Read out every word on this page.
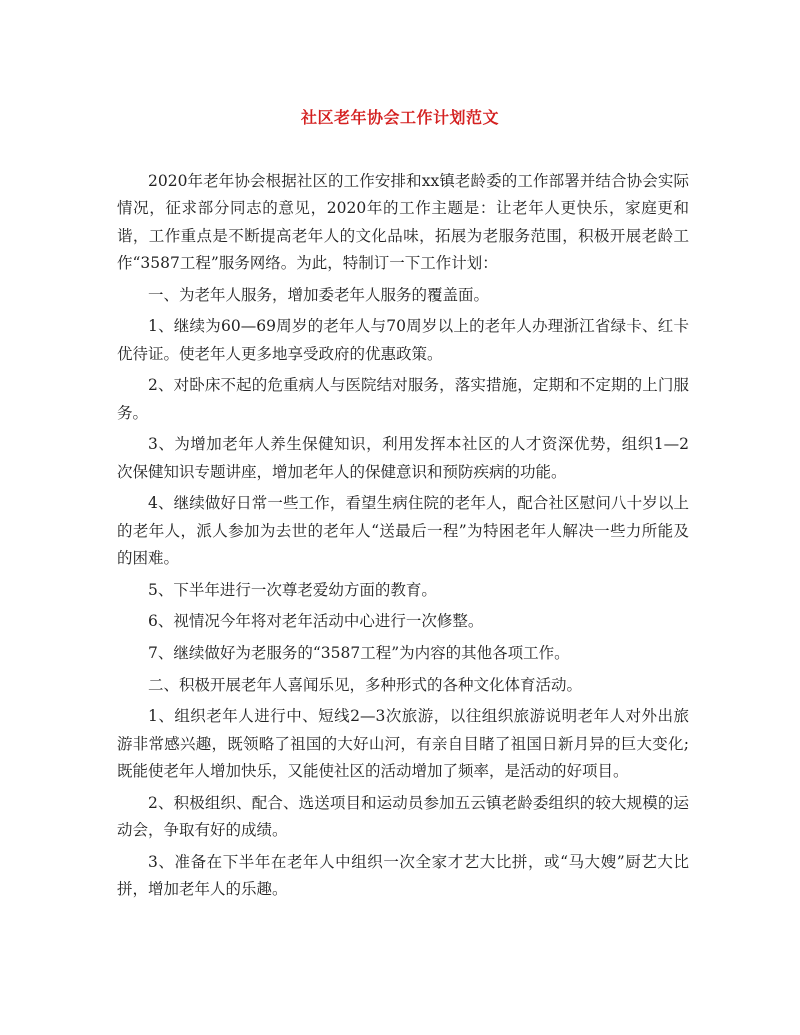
社区老年协会工作计划范文

2020年老年协会根据社区的工作安排和xx镇老龄委的工作部署并结合协会实际情况，征求部分同志的意见，2020年的工作主题是：让老年人更快乐，家庭更和谐，工作重点是不断提高老年人的文化品味，拓展为老服务范围，积极开展老龄工作“3587工程”服务网络。为此，特制订一下工作计划：

一、为老年人服务，增加委老年人服务的覆盖面。

1、继续为60—69周岁的老年人与70周岁以上的老年人办理浙江省绿卡、红卡优待证。使老年人更多地享受政府的优惠政策。

2、对卧床不起的危重病人与医院结对服务，落实措施，定期和不定期的上门服务。

3、为增加老年人养生保健知识，利用发挥本社区的人才资深优势，组织1—2次保健知识专题讲座，增加老年人的保健意识和预防疾病的功能。

4、继续做好日常一些工作，看望生病住院的老年人，配合社区慰问八十岁以上的老年人，派人参加为去世的老年人“送最后一程”为特困老年人解决一些力所能及的困难。

5、下半年进行一次尊老爱幼方面的教育。

6、视情况今年将对老年活动中心进行一次修整。

7、继续做好为老服务的“3587工程”为内容的其他各项工作。

二、积极开展老年人喜闻乐见，多种形式的各种文化体育活动。

1、组织老年人进行中、短线2—3次旅游，以往组织旅游说明老年人对外出旅游非常感兴趣，既领略了祖国的大好山河，有亲自目睹了祖国日新月异的巨大变化;既能使老年人增加快乐，又能使社区的活动增加了频率，是活动的好项目。

2、积极组织、配合、选送项目和运动员参加五云镇老龄委组织的较大规模的运动会，争取有好的成绩。

3、准备在下半年在老年人中组织一次全家才艺大比拼，或“马大嫂”厨艺大比拼，增加老年人的乐趣。
